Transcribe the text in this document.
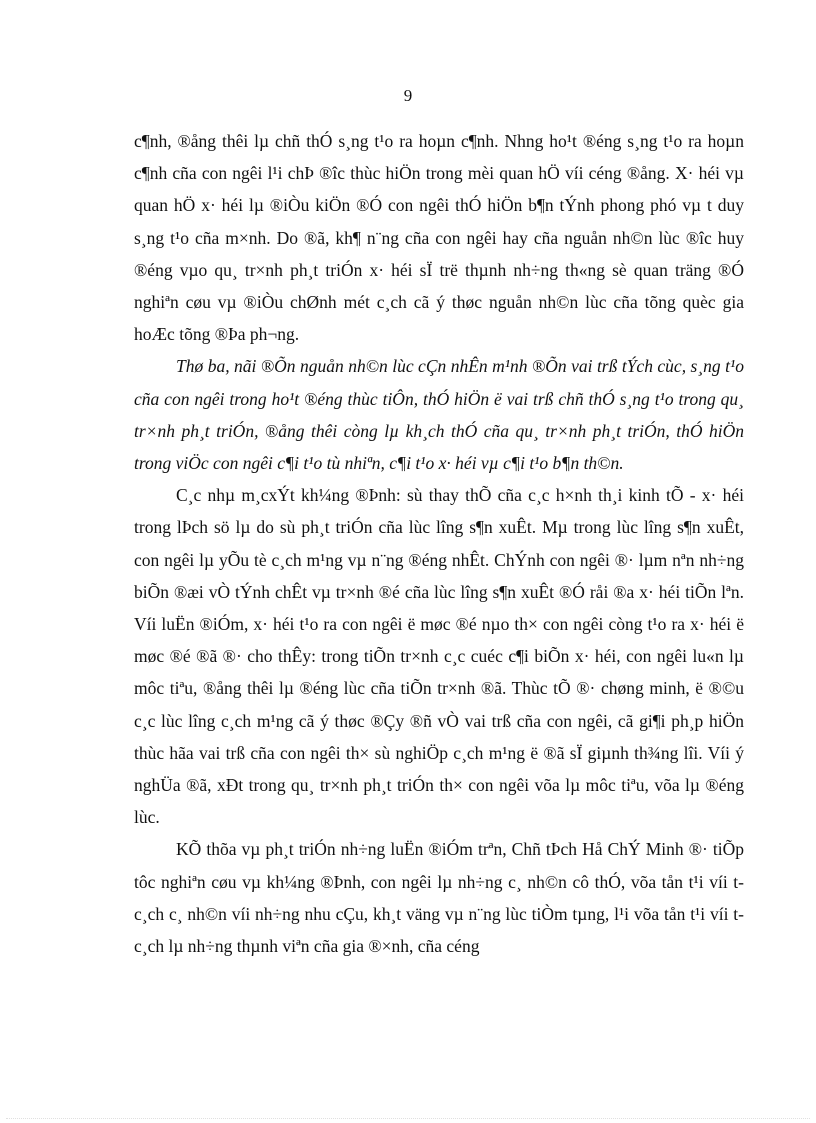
9

c¶nh, ®ång thêi lµ chñ thÓ s¸ng t¹o ra hoµn c¶nh. Nhng ho¹t ®éng s¸ng t¹o ra hoµn c¶nh cña con ngêi l¹i chÞ ®îc thùc hiÖn trong mèi quan hÖ víi céng ®ång. X· héi vµ quan hÖ x· héi lµ ®iÒu kiÖn ®Ó con ngêi thÓ hiÖn b¶n tÝnh phong phó vµ t duy s¸ng t¹o cña m×nh. Do ®ã, kh¶ n¨ng cña con ngêi hay cña nguån nh©n lùc ®îc huy ®éng vµo qu¸ tr×nh ph¸t triÓn x· héi sÏ trë thµnh nh÷ng th«ng sè quan träng ®Ó nghiªn cøu vµ ®iÒu chØnh mét c¸ch cã ý thøc nguån nh©n lùc cña tõng quèc gia hoÆc tõng ®Þa ph¬ng.

Thø ba, nãi ®Õn nguån nh©n lùc cÇn nhÊn m¹nh ®Õn vai trß tÝch cùc, s¸ng t¹o cña con ngêi trong ho¹t ®éng thùc tiÔn, thÓ hiÖn ë vai trß chñ thÓ s¸ng t¹o trong qu¸ tr×nh ph¸t triÓn, ®ång thêi còng lµ kh¸ch thÓ cña qu¸ tr×nh ph¸t triÓn, thÓ hiÖn trong viÖc con ngêi c¶i t¹o tù nhiªn, c¶i t¹o x· héi vµ c¶i t¹o b¶n th©n.

C¸c nhµ m¸cxÝt kh¼ng ®Þnh: sù thay thÕ cña c¸c h×nh th¸i kinh tÕ - x· héi trong lÞch sö lµ do sù ph¸t triÓn cña lùc lîng s¶n xuÊt. Mµ trong lùc lîng s¶n xuÊt, con ngêi lµ yÕu tè c¸ch m¹ng vµ n¨ng ®éng nhÊt. ChÝnh con ngêi ®· lµm nªn nh÷ng biÕn ®æi vÒ tÝnh chÊt vµ tr×nh ®é cña lùc lîng s¶n xuÊt ®Ó råi ®a x· héi tiÕn lªn. Víi luËn ®iÓm, x· héi t¹o ra con ngêi ë møc ®é nµo th× con ngêi còng t¹o ra x· héi ë møc ®é ®ã ®· cho thÊy: trong tiÕn tr×nh c¸c cuéc c¶i biÕn x· héi, con ngêi lu«n lµ môc tiªu, ®ång thêi lµ ®éng lùc cña tiÕn tr×nh ®ã. Thùc tÕ ®· chøng minh, ë ®©u c¸c lùc lîng c¸ch m¹ng cã ý thøc ®Çy ®ñ vÒ vai trß cña con ngêi, cã gi¶i ph¸p hiÖn thùc hãa vai trß cña con ngêi th× sù nghiÖp c¸ch m¹ng ë ®ã sÏ giµnh th¾ng lîi. Víi ý nghÜa ®ã, xÐt trong qu¸ tr×nh ph¸t triÓn th× con ngêi võa lµ môc tiªu, võa lµ ®éng lùc.

KÕ thõa vµ ph¸t triÓn nh÷ng luËn ®iÓm trªn, Chñ tÞch Hå ChÝ Minh ®· tiÕp tôc nghiªn cøu vµ kh¼ng ®Þnh, con ngêi lµ nh÷ng c¸ nh©n cô thÓ, võa tån t¹i víi t c¸ch c¸ nh©n víi nh÷ng nhu cÇu, kh¸t väng vµ n¨ng lùc tiÒm tµng, l¹i võa tån t¹i víi t c¸ch lµ nh÷ng thµnh viªn cña gia ®×nh, cña céng
